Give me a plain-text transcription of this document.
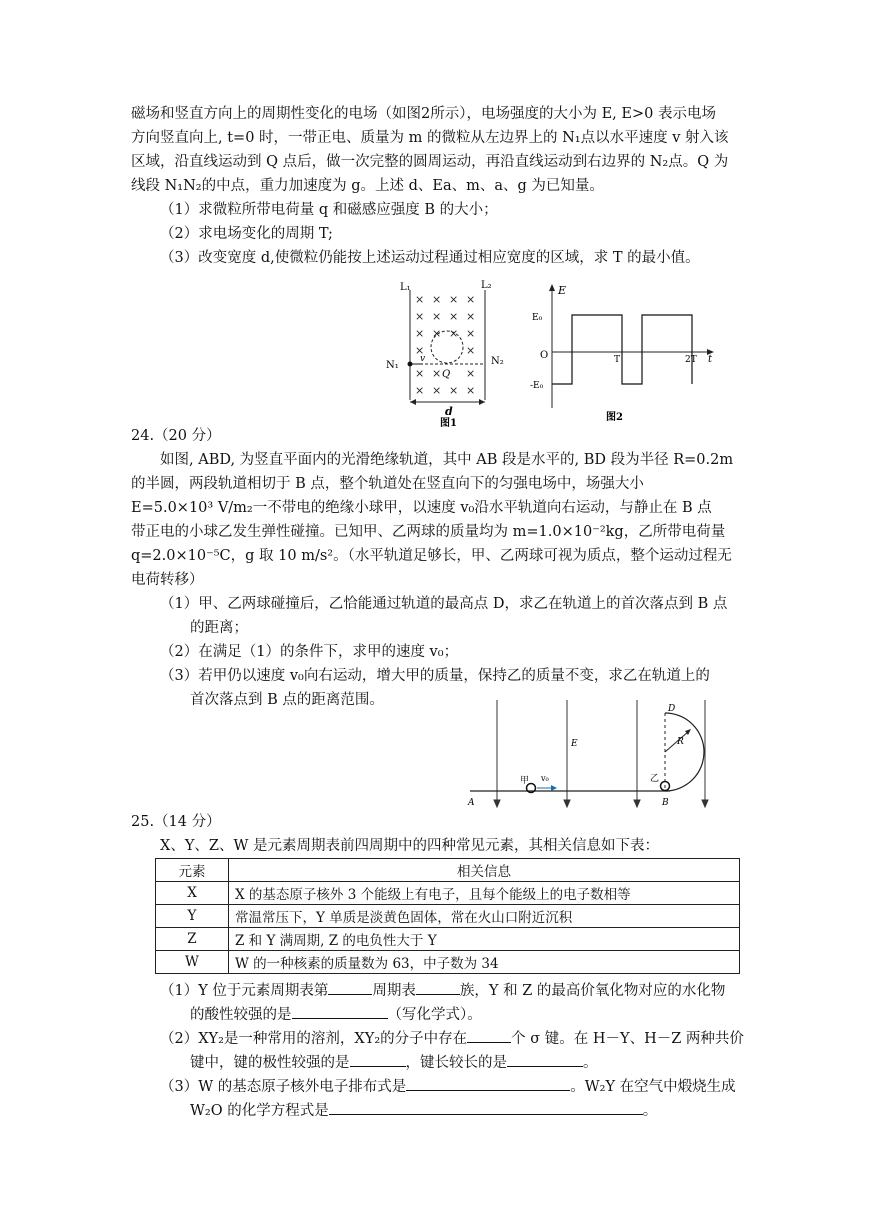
磁场和竖直方向上的周期性变化的电场（如图2所示），电场强度的大小为 E, E>0 表示电场
方向竖直向上, t=0 时，一带正电、质量为 m 的微粒从左边界上的 N₁点以水平速度 v 射入该
区域，沿直线运动到 Q 点后，做一次完整的圆周运动，再沿直线运动到右边界的 N₂点。Q 为
线段 N₁N₂的中点，重力加速度为 g。上述 d、Ea、m、a、g 为已知量。
（1）求微粒所带电荷量 q 和磁感应强度 B 的大小；
（2）求电场变化的周期 T;
（3）改变宽度 d,使微粒仍能按上述运动过程通过相应宽度的区域，求 T 的最小值。
L₁	L₂
× × × ×
× × × ×
× × × ×
×	×
× × ×
× × × ×
v
Q
N₁	N₂
d
图1
E
E₀
-E₀
O	T	2T t
图2
24.（20 分）
如图, ABD, 为竖直平面内的光滑绝缘轨道，其中 AB 段是水平的, BD 段为半径 R=0.2m
的半圆，两段轨道相切于 B 点，整个轨道处在竖直向下的匀强电场中，场强大小
E=5.0×10³ V/m₂一不带电的绝缘小球甲，以速度 v₀沿水平轨道向右运动，与静止在 B 点
带正电的小球乙发生弹性碰撞。已知甲、乙两球的质量均为 m=1.0×10⁻²kg，乙所带电荷量
q=2.0×10⁻⁵C，g 取 10 m/s²。（水平轨道足够长，甲、乙两球可视为质点，整个运动过程无
电荷转移）
（1）甲、乙两球碰撞后，乙恰能通过轨道的最高点 D，求乙在轨道上的首次落点到 B 点
的距离；
（2）在满足（1）的条件下，求甲的速度 v₀；
（3）若甲仍以速度 v₀向右运动，增大甲的质量，保持乙的质量不变，求乙在轨道上的
首次落点到 B 点的距离范围。
v₀
甲	乙
A	B
D
R
E
25.（14 分）
X、Y、Z、W 是元素周期表前四周期中的四种常见元素，其相关信息如下表：
元素	相关信息
X	X 的基态原子核外 3 个能级上有电子，且每个能级上的电子数相等
Y	常温常压下，Y 单质是淡黄色固体，常在火山口附近沉积
Z	Z 和 Y 满周期, Z 的电负性大于 Y
W	W 的一种核素的质量数为 63，中子数为 34
（1）Y 位于元素周期表第	周期表	族，Y 和 Z 的最高价氧化物对应的水化物
的酸性较强的是	（写化学式）。
（2）XY₂是一种常用的溶剂，XY₂的分子中存在	个 σ 键。在 H－Y、H－Z 两种共价
键中，键的极性较强的是	，键长较长的是	。
（3）W 的基态原子核外电子排布式是	。W₂Y 在空气中煅烧生成
W₂O 的化学方程式是	。
